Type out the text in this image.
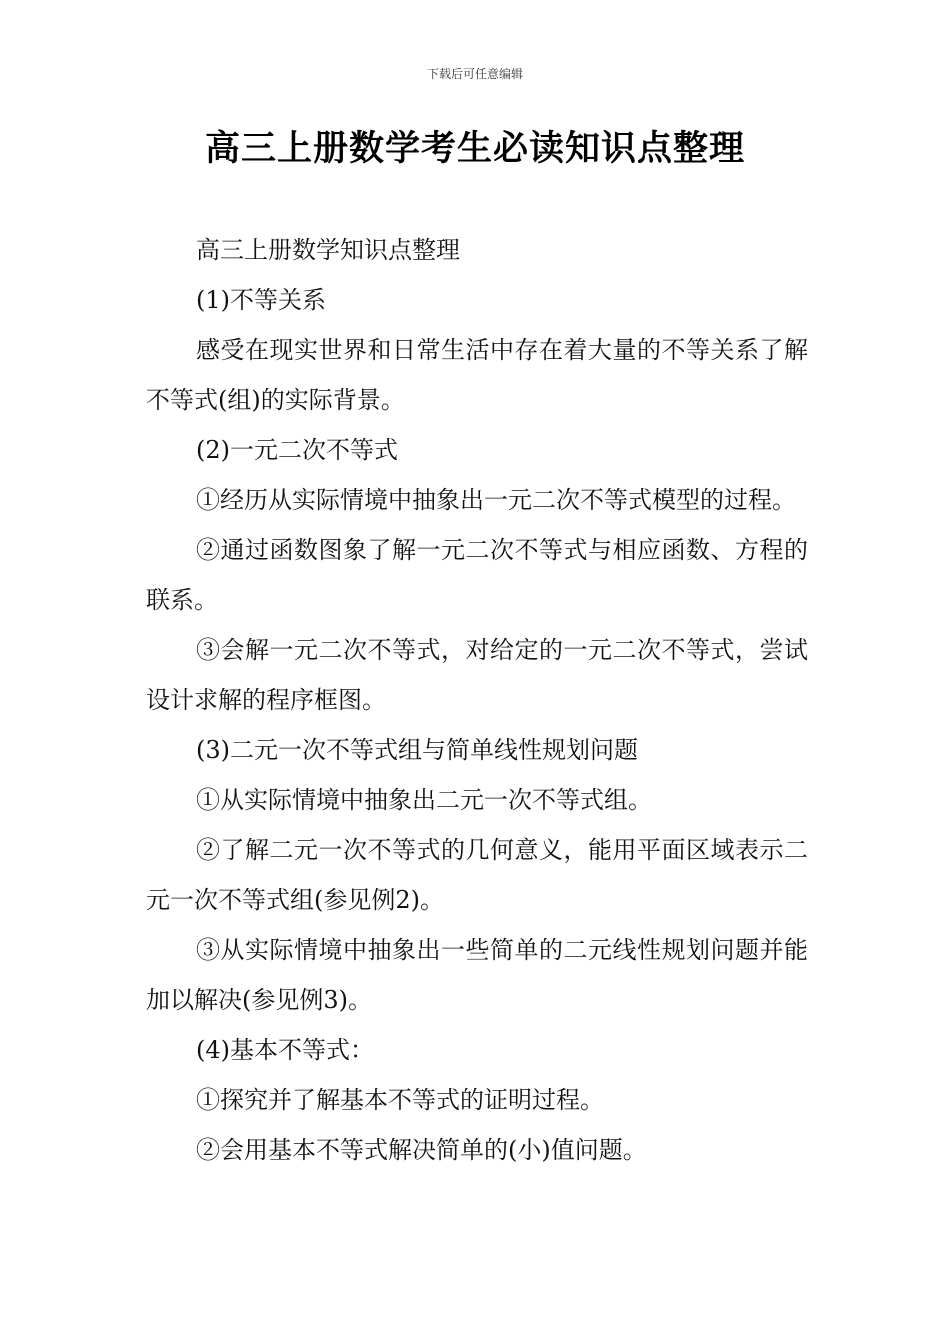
下载后可任意编辑
高三上册数学考生必读知识点整理

高三上册数学知识点整理

(1)不等关系

感受在现实世界和日常生活中存在着大量的不等关系了解不等式(组)的实际背景。

(2)一元二次不等式

①经历从实际情境中抽象出一元二次不等式模型的过程。

②通过函数图象了解一元二次不等式与相应函数、方程的联系。

③会解一元二次不等式，对给定的一元二次不等式，尝试设计求解的程序框图。

(3)二元一次不等式组与简单线性规划问题

①从实际情境中抽象出二元一次不等式组。

②了解二元一次不等式的几何意义，能用平面区域表示二元一次不等式组(参见例2)。

③从实际情境中抽象出一些简单的二元线性规划问题并能加以解决(参见例3)。

(4)基本不等式：

①探究并了解基本不等式的证明过程。

②会用基本不等式解决简单的(小)值问题。
